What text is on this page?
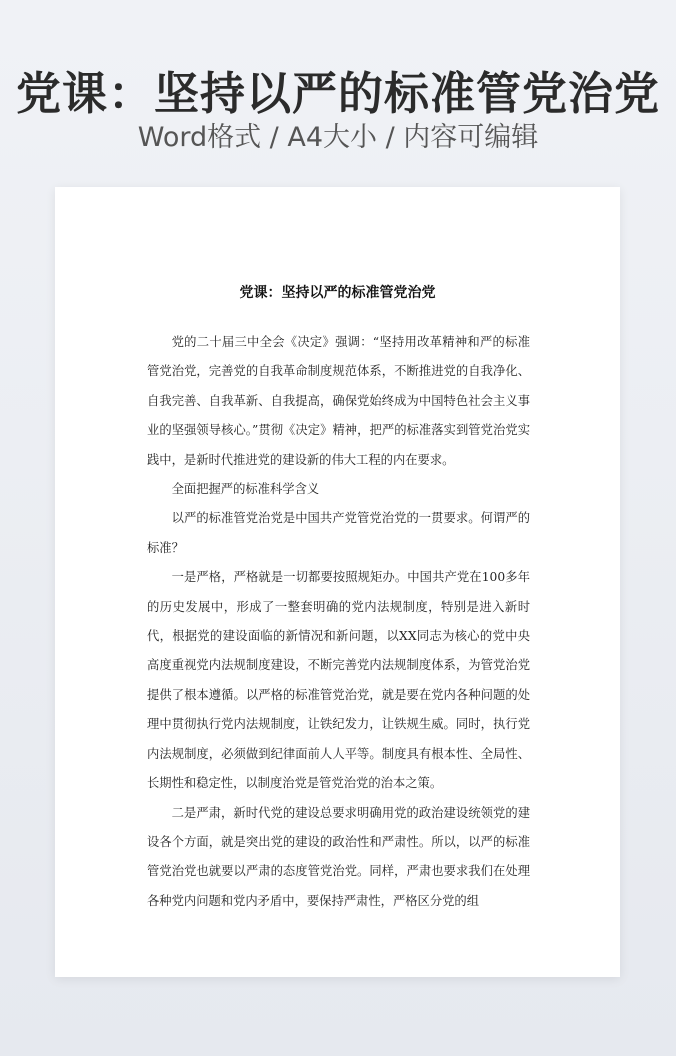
党课：坚持以严的标准管党治党
Word格式 / A4大小 / 内容可编辑
党课：坚持以严的标准管党治党

党的二十届三中全会《决定》强调：“坚持用改革精神和严的标准管党治党，完善党的自我革命制度规范体系，不断推进党的自我净化、自我完善、自我革新、自我提高，确保党始终成为中国特色社会主义事业的坚强领导核心。”贯彻《决定》精神，把严的标准落实到管党治党实践中，是新时代推进党的建设新的伟大工程的内在要求。

全面把握严的标准科学含义

以严的标准管党治党是中国共产党管党治党的一贯要求。何谓严的标准？

一是严格，严格就是一切都要按照规矩办。中国共产党在100多年的历史发展中，形成了一整套明确的党内法规制度，特别是进入新时代，根据党的建设面临的新情况和新问题，以XX同志为核心的党中央高度重视党内法规制度建设，不断完善党内法规制度体系，为管党治党提供了根本遵循。以严格的标准管党治党，就是要在党内各种问题的处理中贯彻执行党内法规制度，让铁纪发力，让铁规生威。同时，执行党内法规制度，必须做到纪律面前人人平等。制度具有根本性、全局性、长期性和稳定性，以制度治党是管党治党的治本之策。

二是严肃，新时代党的建设总要求明确用党的政治建设统领党的建设各个方面，就是突出党的建设的政治性和严肃性。所以，以严的标准管党治党也就要以严肃的态度管党治党。同样，严肃也要求我们在处理各种党内问题和党内矛盾中，要保持严肃性，严格区分党的组
